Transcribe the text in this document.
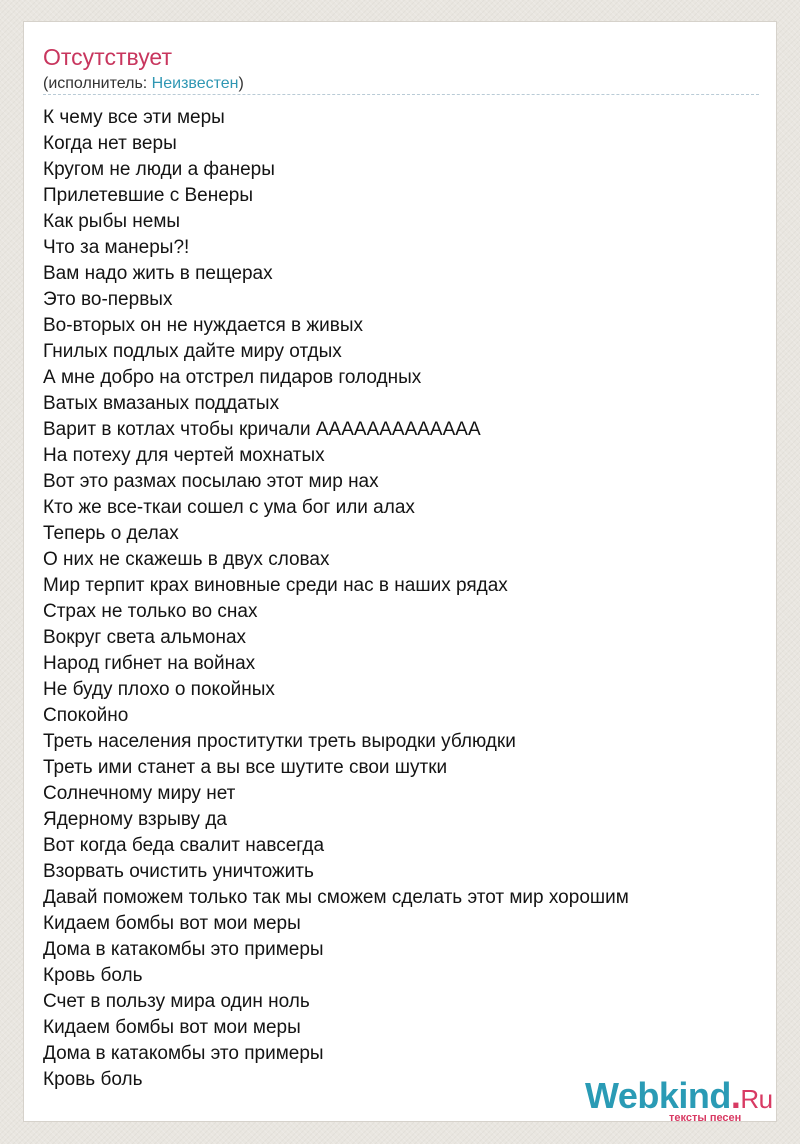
Отсутствует
(исполнитель: Неизвестен)
К чему все эти меры
Когда нет веры
Кругом не люди а фанеры
Прилетевшие с Венеры
Как рыбы немы
Что за манеры?!
Вам надо жить в пещерах
Это во-первых
Во-вторых он не нуждается в живых
Гнилых подлых дайте миру отдых
А мне добро на отстрел пидаров голодных
Ватых вмазаных поддатых
Варит в котлах чтобы кричали ААААААААААААА
На потеху для чертей мохнатых
Вот это размах посылаю этот мир нах
Кто же все-ткаи сошел с ума бог или алах
Теперь о делах
О них не скажешь в двух словах
Мир терпит крах виновные среди нас в наших рядах
Страх не только во снах
Вокруг света альмонах
Народ гибнет на войнах
Не буду плохо о покойных
Спокойно
Треть населения проститутки треть выродки ублюдки
Треть ими станет а вы все шутите свои шутки
Солнечному миру нет
Ядерному взрыву да
Вот когда беда свалит навсегда
Взорвать очистить уничтожить
Давай поможем только так мы сможем сделать этот мир хорошим
Кидаем бомбы вот мои меры
Дома в катакомбы это примеры
Кровь боль
Счет в пользу мира один ноль
Кидаем бомбы вот мои меры
Дома в катакомбы это примеры
Кровь боль	Webkind.Ru
тексты песен
